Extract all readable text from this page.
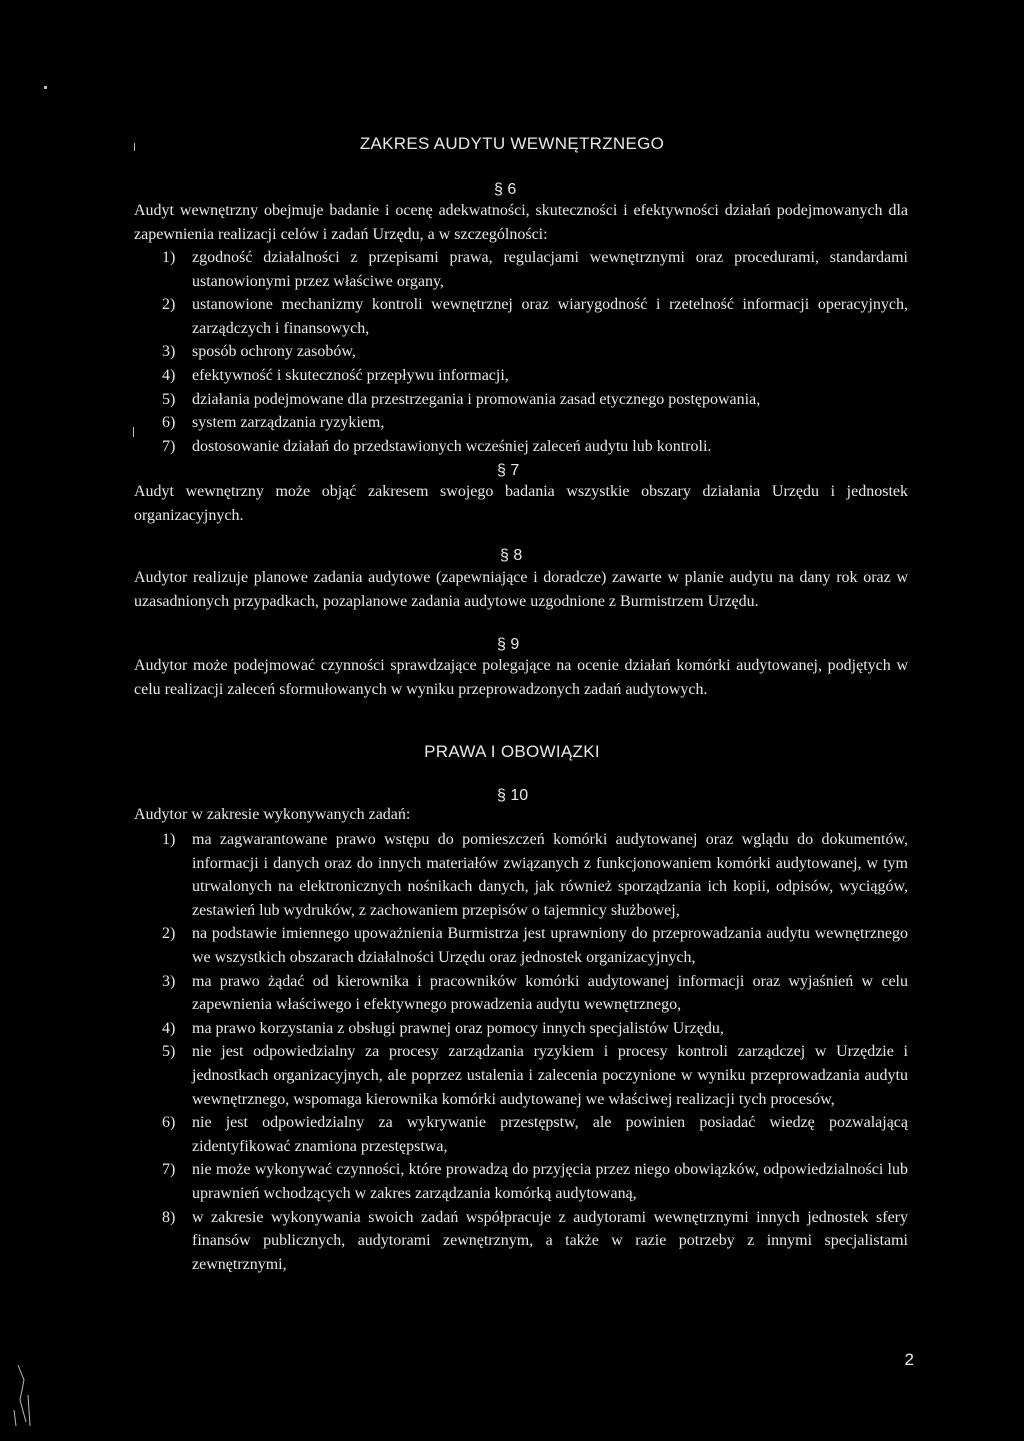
ZAKRES AUDYTU WEWNĘTRZNEGO
§ 6

Audyt wewnętrzny obejmuje badanie i ocenę adekwatności, skuteczności i efektywności działań podejmowanych dla zapewnienia realizacji celów i zadań Urzędu, a w szczególności:

1)	zgodność działalności z przepisami prawa, regulacjami wewnętrznymi oraz procedurami, standardami ustanowionymi przez właściwe organy,
2)	ustanowione mechanizmy kontroli wewnętrznej oraz wiarygodność i rzetelność informacji operacyjnych, zarządczych i finansowych,
3)	sposób ochrony zasobów,
4)	efektywność i skuteczność przepływu informacji,
5)	działania podejmowane dla przestrzegania i promowania zasad etycznego postępowania,
6)	system zarządzania ryzykiem,
7)	dostosowanie działań do przedstawionych wcześniej zaleceń audytu lub kontroli.
§ 7

Audyt wewnętrzny może objąć zakresem swojego badania wszystkie obszary działania Urzędu i jednostek organizacyjnych.

§ 8

Audytor realizuje planowe zadania audytowe (zapewniające i doradcze) zawarte w planie audytu na dany rok oraz w uzasadnionych przypadkach, pozaplanowe zadania audytowe uzgodnione z Burmistrzem Urzędu.

§ 9

Audytor może podejmować czynności sprawdzające polegające na ocenie działań komórki audytowanej, podjętych w celu realizacji zaleceń sformułowanych w wyniku przeprowadzonych zadań audytowych.

PRAWA I OBOWIĄZKI
§ 10

Audytor w zakresie wykonywanych zadań:

1)	ma zagwarantowane prawo wstępu do pomieszczeń komórki audytowanej oraz wglądu do dokumentów, informacji i danych oraz do innych materiałów związanych z funkcjonowaniem komórki audytowanej, w tym utrwalonych na elektronicznych nośnikach danych, jak również sporządzania ich kopii, odpisów, wyciągów, zestawień lub wydruków, z zachowaniem przepisów o tajemnicy służbowej,
2)	na podstawie imiennego upoważnienia Burmistrza jest uprawniony do przeprowadzania audytu wewnętrznego we wszystkich obszarach działalności Urzędu oraz jednostek organizacyjnych,
3)	ma prawo żądać od kierownika i pracowników komórki audytowanej informacji oraz wyjaśnień w celu zapewnienia właściwego i efektywnego prowadzenia audytu wewnętrznego,
4)	ma prawo korzystania z obsługi prawnej oraz pomocy innych specjalistów Urzędu,
5)	nie jest odpowiedzialny za procesy zarządzania ryzykiem i procesy kontroli zarządczej w Urzędzie i jednostkach organizacyjnych, ale poprzez ustalenia i zalecenia poczynione w wyniku przeprowadzania audytu wewnętrznego, wspomaga kierownika komórki audytowanej we właściwej realizacji tych procesów,
6)	nie jest odpowiedzialny za wykrywanie przestępstw, ale powinien posiadać wiedzę pozwalającą zidentyfikować znamiona przestępstwa,
7)	nie może wykonywać czynności, które prowadzą do przyjęcia przez niego obowiązków, odpowiedzialności lub uprawnień wchodzących w zakres zarządzania komórką audytowaną,
8)	w zakresie wykonywania swoich zadań współpracuje z audytorami wewnętrznymi innych jednostek sfery finansów publicznych, audytorami zewnętrznym, a także w razie potrzeby z innymi specjalistami zewnętrznymi,
2
